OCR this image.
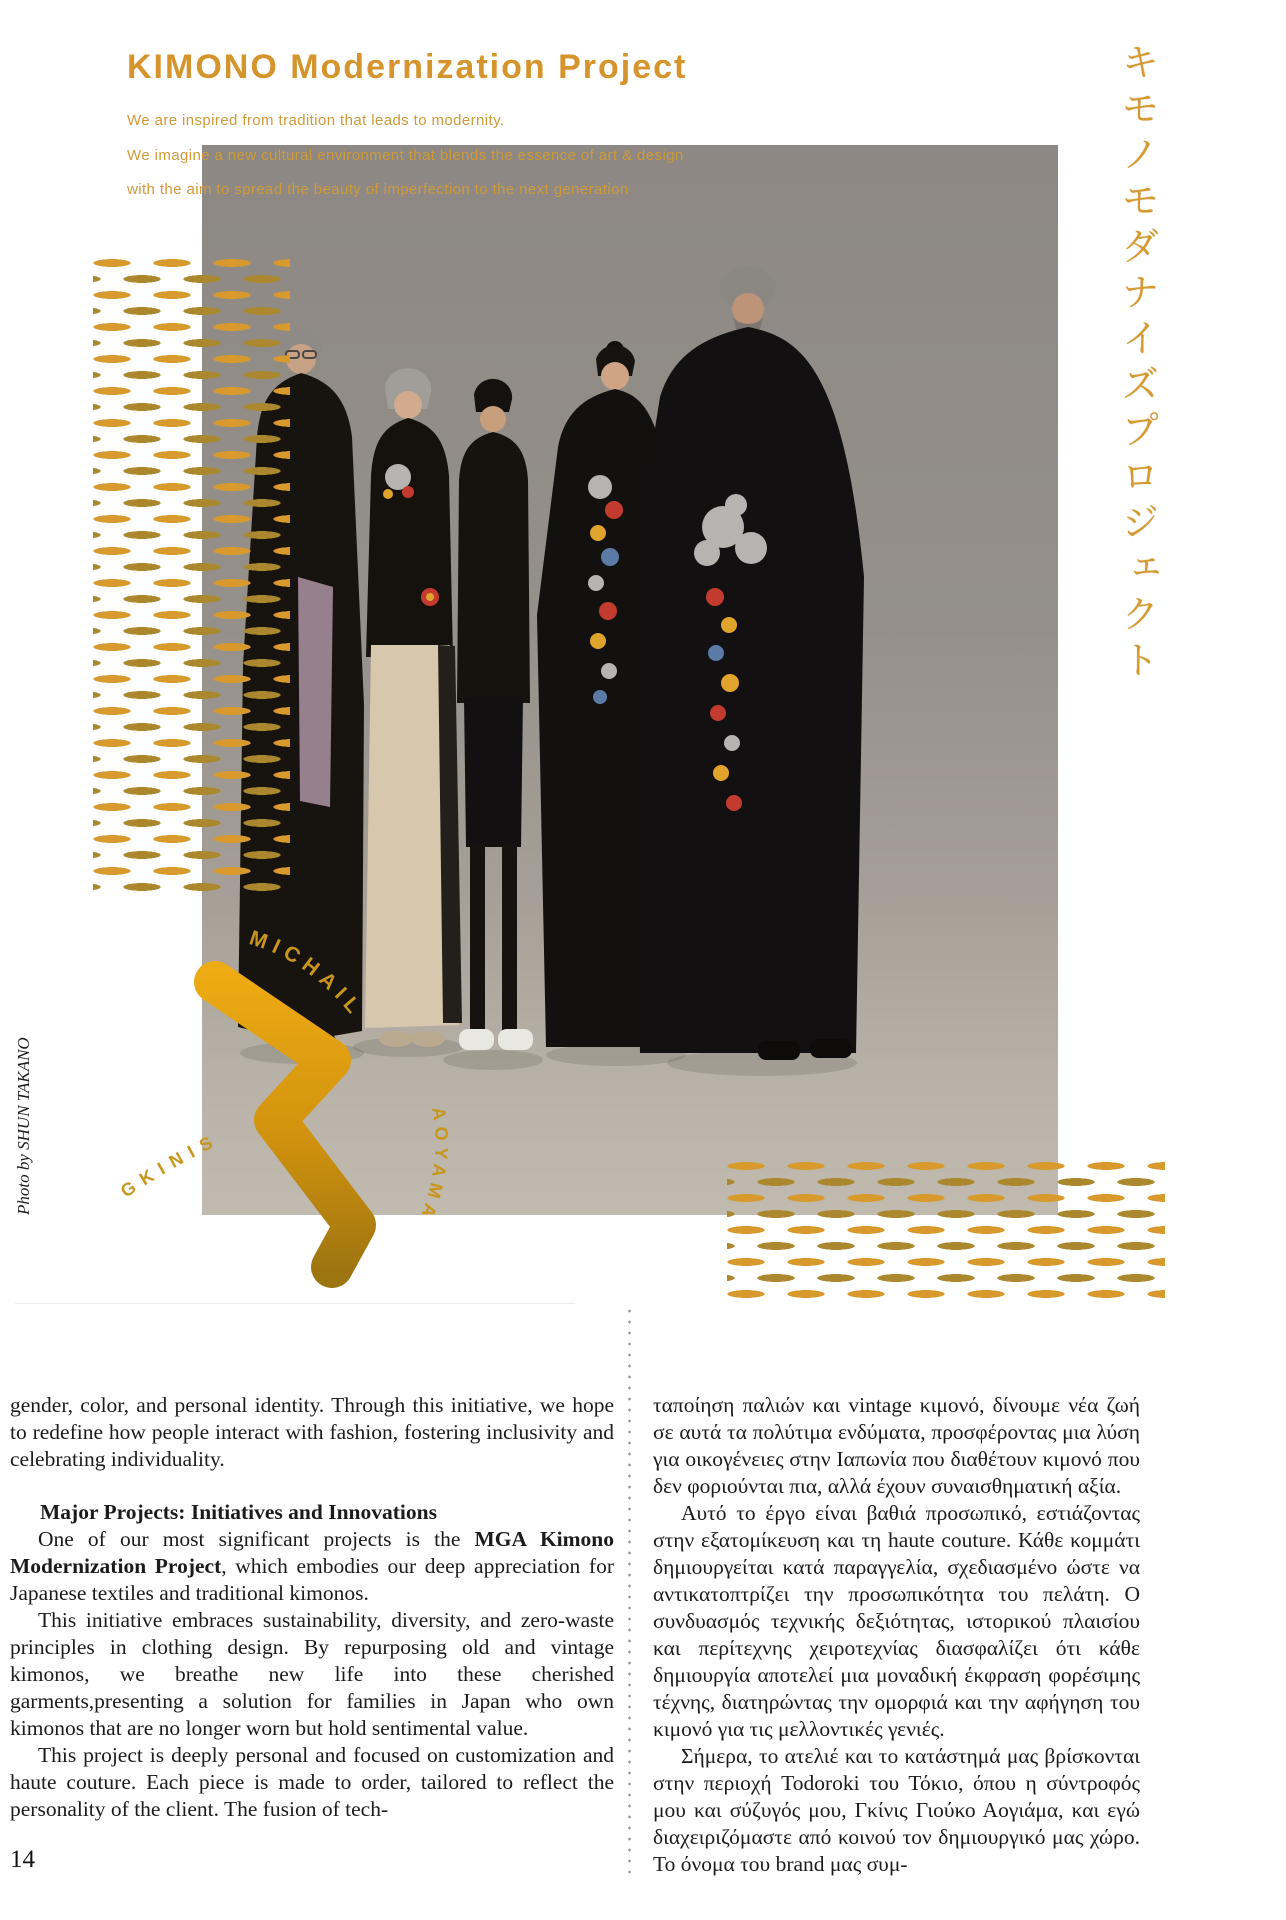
KIMONO Modernization Project
We are inspired from tradition that leads to modernity.
We imagine a new cultural environment that blends the essence of art & design
with the aim to spread the beauty of imperfection to the next generation	キモノモダナイズプロジェクト
MICHAIL
GKINIS
AOYAMA
Photo by SHUN TAKANO

gender, color, and personal identity. Through this initiative, we hope to redefine how people interact with fashion, fostering inclusivity and celebrating individuality.

Major Projects: Initiatives and Innovations

One of our most significant projects is the MGA Kimono Modernization Project, which embodies our deep appreciation for Japanese textiles and traditional kimonos.

This initiative embraces sustainability, diversity, and zero-waste principles in clothing design. By repurposing old and vintage kimonos, we breathe new life into these cherished garments,presenting a solution for families in Japan who own kimonos that are no longer worn but hold sentimental value.

This project is deeply personal and focused on customization and haute couture. Each piece is made to order, tailored to reflect the personality of the client. The fusion of tech-

ταποίηση παλιών και vintage κιμονό, δίνουμε νέα ζωή σε αυτά τα πολύτιμα ενδύματα, προσφέροντας μια λύση για οικογένειες στην Ιαπωνία που διαθέτουν κιμονό που δεν φοριούνται πια, αλλά έχουν συναισθηματική αξία.

Αυτό το έργο είναι βαθιά προσωπικό, εστιάζοντας στην εξατομίκευση και τη haute couture. Κάθε κομμάτι δημιουργείται κατά παραγγελία, σχεδιασμένο ώστε να αντικατοπτρίζει την προσωπικότητα του πελάτη. Ο συνδυασμός τεχνικής δεξιότητας, ιστορικού πλαισίου και περίτεχνης χειροτεχνίας διασφαλίζει ότι κάθε δημιουργία αποτελεί μια μοναδική έκφραση φορέσιμης τέχνης, διατηρώντας την ομορφιά και την αφήγηση του κιμονό για τις μελλοντικές γενιές.

Σήμερα, το ατελιέ και το κατάστημά μας βρίσκονται στην περιοχή Todoroki του Τόκιο, όπου η σύντροφός μου και σύζυγός μου, Γκίνις Γιούκο Αογιάμα, και εγώ διαχειριζόμαστε από κοινού τον δημιουργικό μας χώρο. Το όνομα του brand μας συμ-

14
